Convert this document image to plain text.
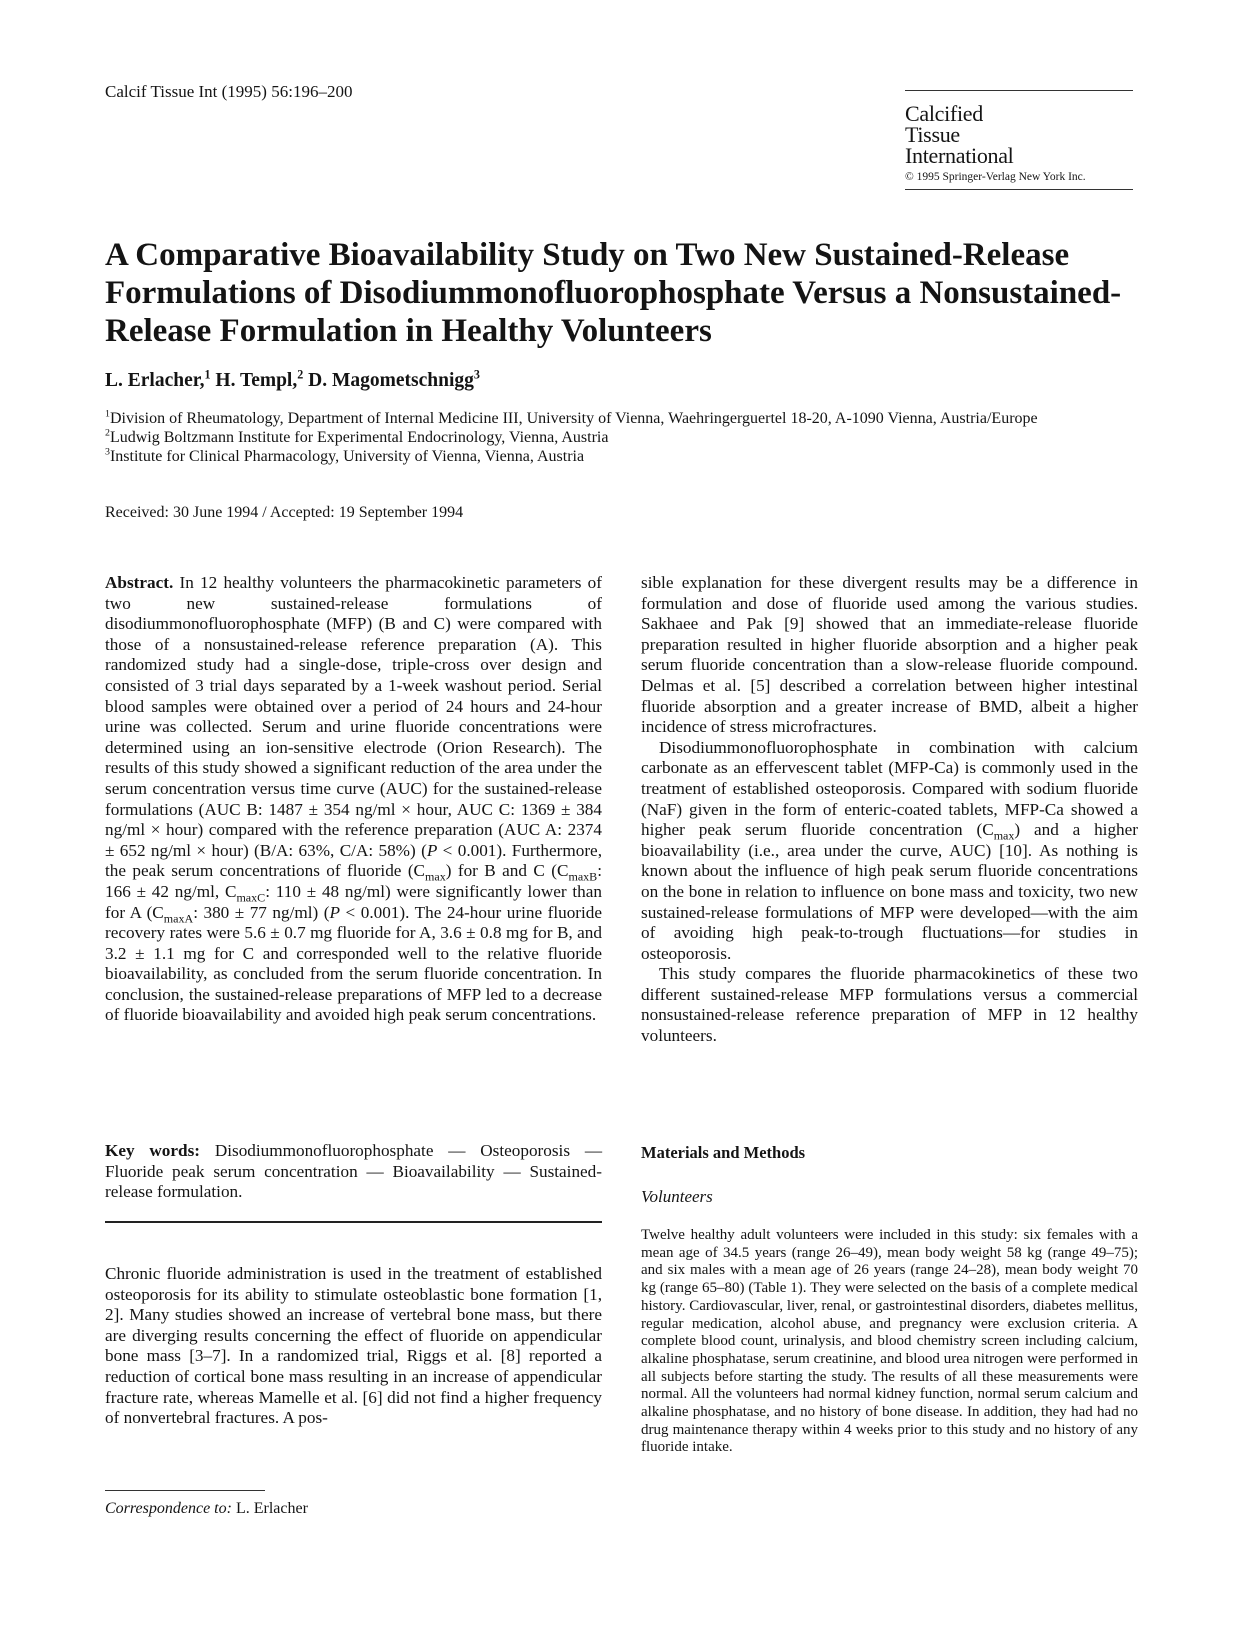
Calcif Tissue Int (1995) 56:196–200
Calcified
Tissue
International
© 1995 Springer-Verlag New York Inc.
A Comparative Bioavailability Study on Two New Sustained-Release Formulations of Disodiummonofluorophosphate Versus a Nonsustained-Release Formulation in Healthy Volunteers
L. Erlacher,$^1$ H. Templ,$^2$ D. Magometschnigg$^3$

$^1$Division of Rheumatology, Department of Internal Medicine III, University of Vienna, Waehringerguertel 18-20, A-1090 Vienna, Austria/Europe

$^2$Ludwig Boltzmann Institute for Experimental Endocrinology, Vienna, Austria

$^3$Institute for Clinical Pharmacology, University of Vienna, Vienna, Austria

Received: 30 June 1994 / Accepted: 19 September 1994

Abstract. In 12 healthy volunteers the pharmacokinetic parameters of two new sustained-release formulations of disodiummonofluorophosphate (MFP) (B and C) were compared with those of a nonsustained-release reference preparation (A). This randomized study had a single-dose, triple-cross over design and consisted of 3 trial days separated by a 1-week washout period. Serial blood samples were obtained over a period of 24 hours and 24-hour urine was collected. Serum and urine fluoride concentrations were determined using an ion-sensitive electrode (Orion Research). The results of this study showed a significant reduction of the area under the serum concentration versus time curve (AUC) for the sustained-release formulations (AUC B: 1487 ± 354 ng/ml × hour, AUC C: 1369 ± 384 ng/ml × hour) compared with the reference preparation (AUC A: 2374 ± 652 ng/ml × hour) (B/A: 63%, C/A: 58%) (P < 0.001). Furthermore, the peak serum concentrations of fluoride $(C_{max})$ for B and C ($C_{maxB}$: 166 ± 42 ng/ml, $C_{maxC}$: 110 ± 48 ng/ml) were significantly lower than for A ($C_{maxA}$: 380 ± 77 ng/ml) (P < 0.001). The 24-hour urine fluoride recovery rates were 5.6 ± 0.7 mg fluoride for A, 3.6 ± 0.8 mg for B, and 3.2 ± 1.1 mg for C and corresponded well to the relative fluoride bioavailability, as concluded from the serum fluoride concentration. In conclusion, the sustained-release preparations of MFP led to a decrease of fluoride bioavailability and avoided high peak serum concentrations.

Key words: Disodiummonofluorophosphate — Osteoporosis — Fluoride peak serum concentration — Bioavailability — Sustained-release formulation.

Chronic fluoride administration is used in the treatment of established osteoporosis for its ability to stimulate osteoblastic bone formation [1, 2]. Many studies showed an increase of vertebral bone mass, but there are diverging results concerning the effect of fluoride on appendicular bone mass [3–7]. In a randomized trial, Riggs et al. [8] reported a reduction of cortical bone mass resulting in an increase of appendicular fracture rate, whereas Mamelle et al. [6] did not find a higher frequency of nonvertebral fractures. A pos-

Correspondence to: L. Erlacher

sible explanation for these divergent results may be a difference in formulation and dose of fluoride used among the various studies. Sakhaee and Pak [9] showed that an immediate-release fluoride preparation resulted in higher fluoride absorption and a higher peak serum fluoride concentration than a slow-release fluoride compound. Delmas et al. [5] described a correlation between higher intestinal fluoride absorption and a greater increase of BMD, albeit a higher incidence of stress microfractures.

Disodiummonofluorophosphate in combination with calcium carbonate as an effervescent tablet (MFP-Ca) is commonly used in the treatment of established osteoporosis. Compared with sodium fluoride (NaF) given in the form of enteric-coated tablets, MFP-Ca showed a higher peak serum fluoride concentration $(C_{max})$ and a higher bioavailability (i.e., area under the curve, AUC) [10]. As nothing is known about the influence of high peak serum fluoride concentrations on the bone in relation to influence on bone mass and toxicity, two new sustained-release formulations of MFP were developed—with the aim of avoiding high peak-to-trough fluctuations—for studies in osteoporosis.

This study compares the fluoride pharmacokinetics of these two different sustained-release MFP formulations versus a commercial nonsustained-release reference preparation of MFP in 12 healthy volunteers.

Materials and Methods
Volunteers

Twelve healthy adult volunteers were included in this study: six females with a mean age of 34.5 years (range 26–49), mean body weight 58 kg (range 49–75); and six males with a mean age of 26 years (range 24–28), mean body weight 70 kg (range 65–80) (Table 1). They were selected on the basis of a complete medical history. Cardiovascular, liver, renal, or gastrointestinal disorders, diabetes mellitus, regular medication, alcohol abuse, and pregnancy were exclusion criteria. A complete blood count, urinalysis, and blood chemistry screen including calcium, alkaline phosphatase, serum creatinine, and blood urea nitrogen were performed in all subjects before starting the study. The results of all these measurements were normal. All the volunteers had normal kidney function, normal serum calcium and alkaline phosphatase, and no history of bone disease. In addition, they had had no drug maintenance therapy within 4 weeks prior to this study and no history of any fluoride intake.
